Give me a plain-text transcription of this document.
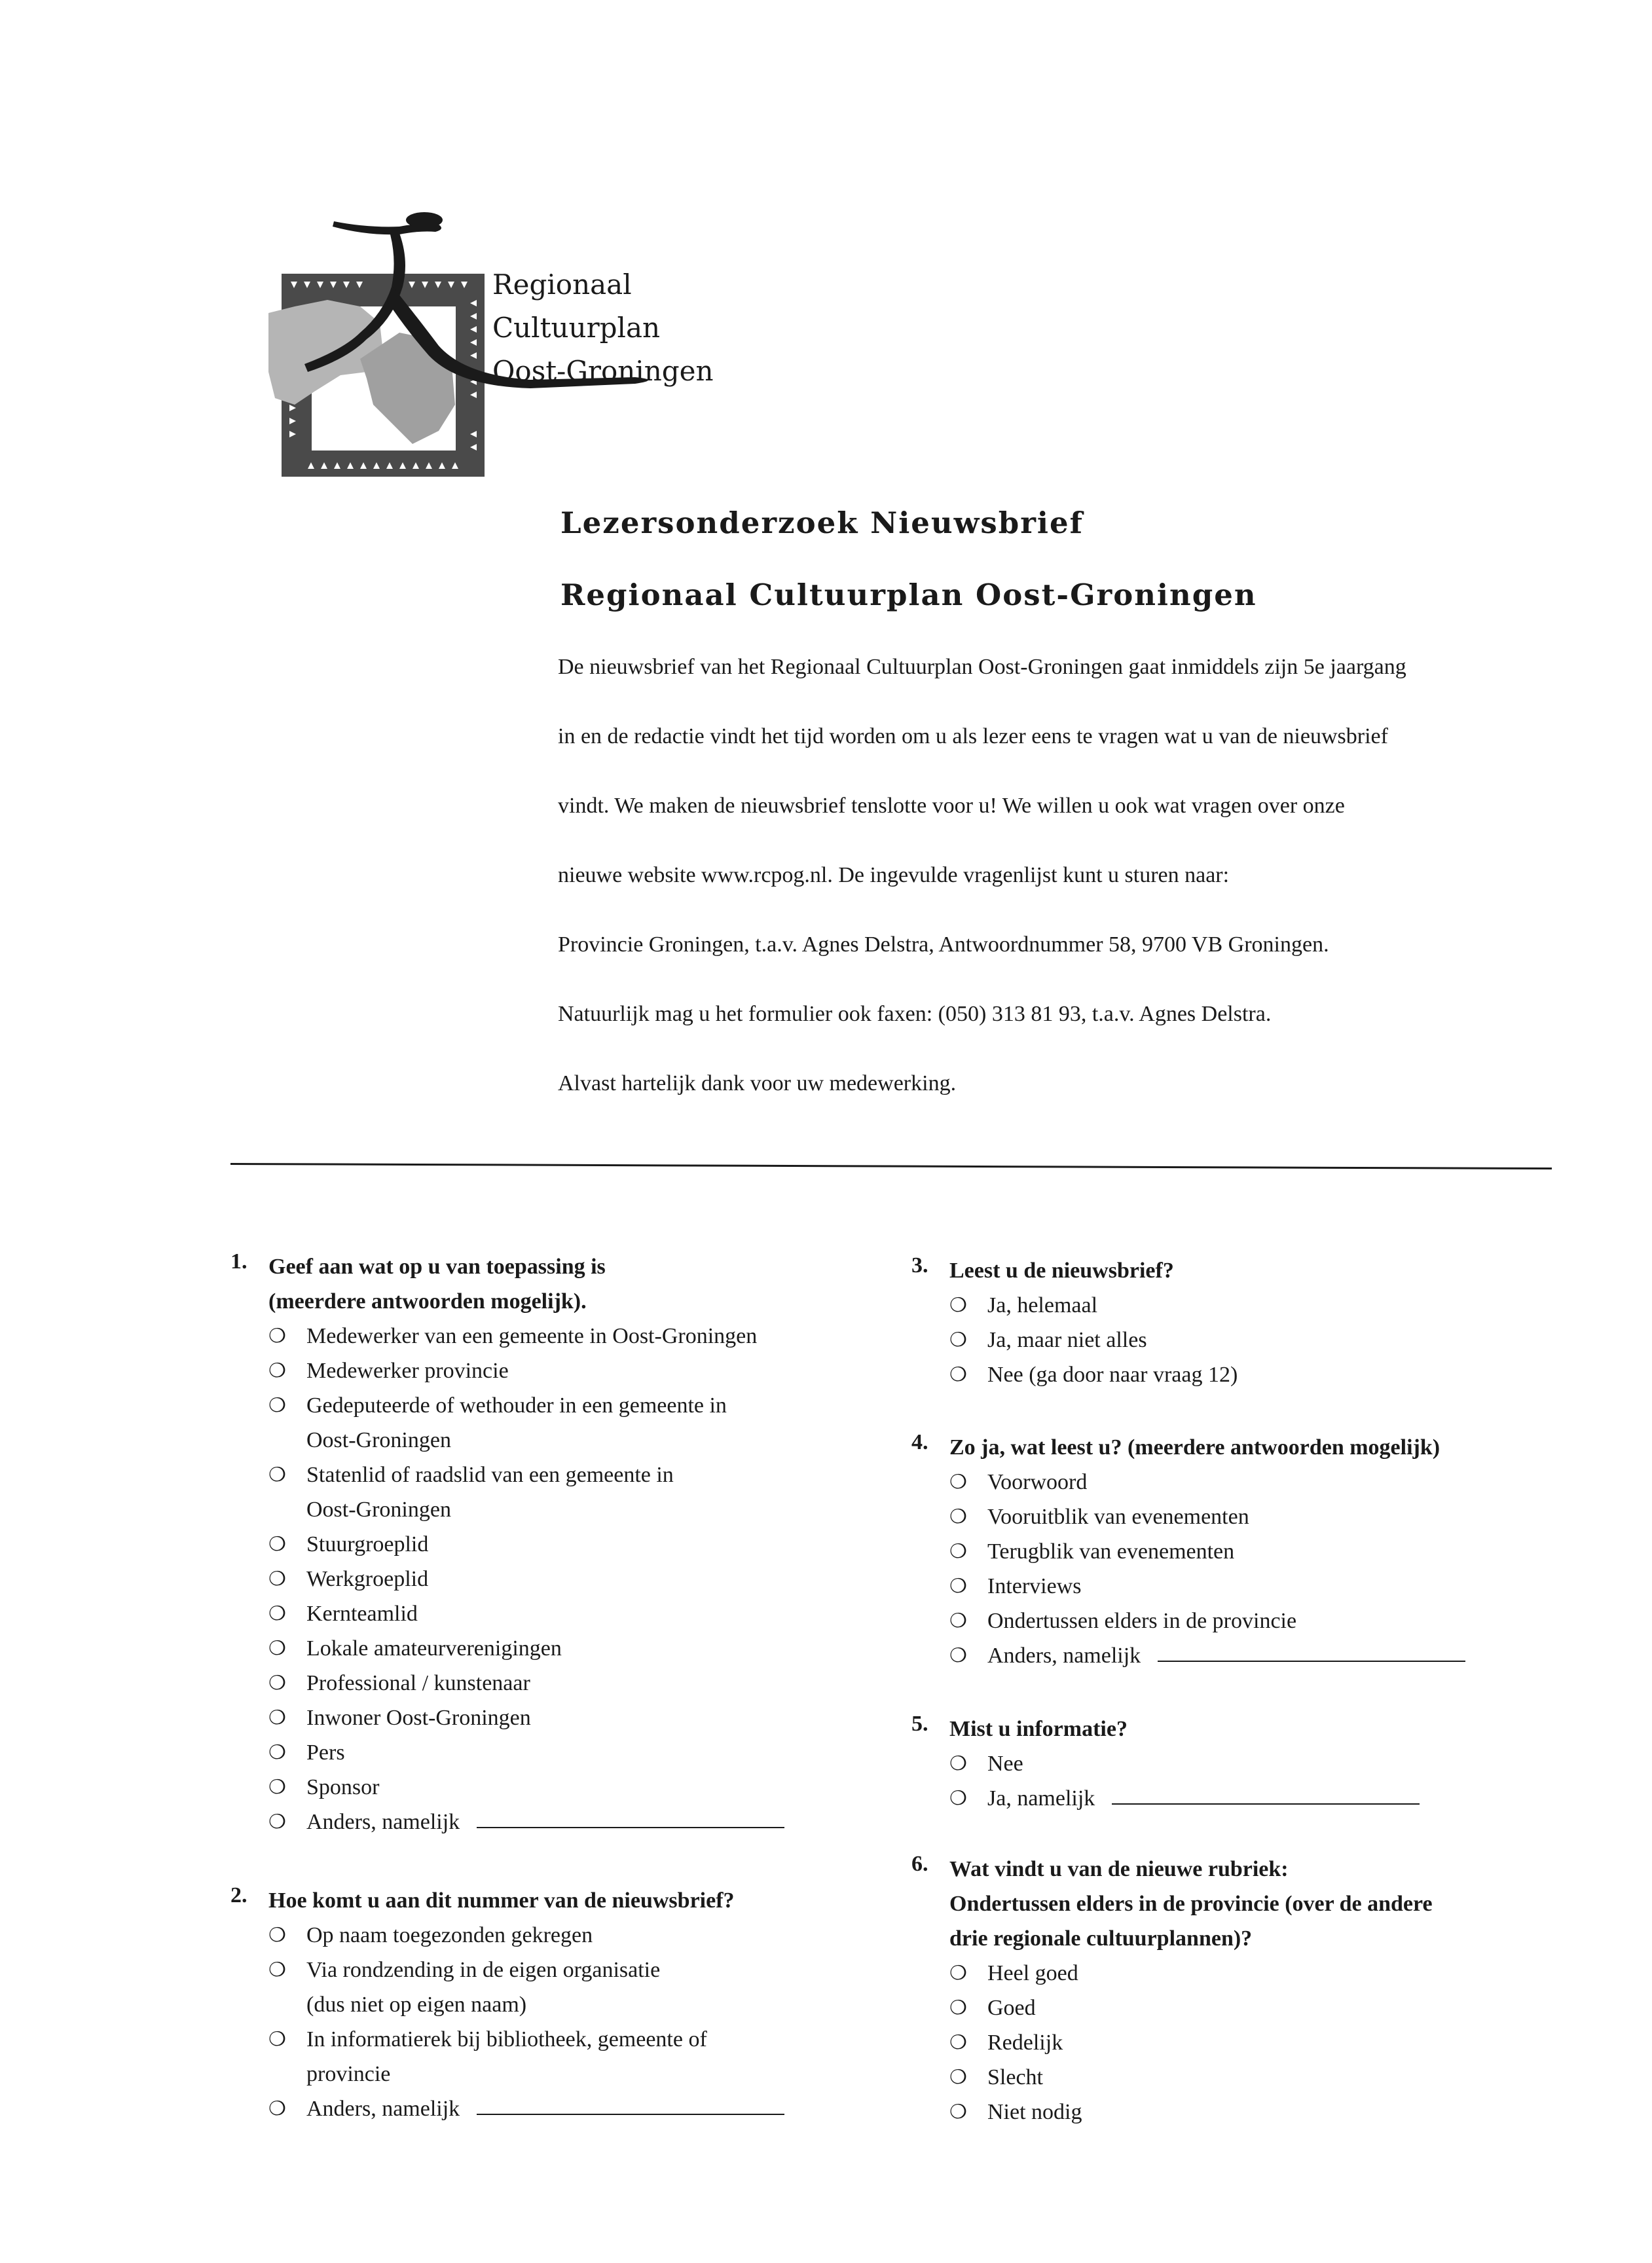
Regionaal
Cultuurplan
Oost-Groningen
Lezersonderzoek Nieuwsbrief
Regionaal Cultuurplan Oost-Groningen
De nieuwsbrief van het Regionaal Cultuurplan Oost-Groningen gaat inmiddels zijn 5e jaargang
in en de redactie vindt het tijd worden om u als lezer eens te vragen wat u van de nieuwsbrief
vindt. We maken de nieuwsbrief tenslotte voor u! We willen u ook wat vragen over onze
nieuwe website www.rcpog.nl. De ingevulde vragenlijst kunt u sturen naar:
Provincie Groningen, t.a.v. Agnes Delstra, Antwoordnummer 58, 9700 VB Groningen.
Natuurlijk mag u het formulier ook faxen: (050) 313 81 93, t.a.v. Agnes Delstra.
Alvast hartelijk dank voor uw medewerking.
1. Geef aan wat op u van toepassing is
(meerdere antwoorden mogelijk).
❍ Medewerker van een gemeente in Oost-Groningen
❍ Medewerker provincie
❍ Gedeputeerde of wethouder in een gemeente in
Oost-Groningen
❍ Statenlid of raadslid van een gemeente in
Oost-Groningen
❍ Stuurgroeplid
❍ Werkgroeplid
❍ Kernteamlid
❍ Lokale amateurverenigingen
❍ Professional / kunstenaar
❍ Inwoner Oost-Groningen
❍ Pers
❍ Sponsor
❍ Anders, namelijk
2. Hoe komt u aan dit nummer van de nieuwsbrief?
❍ Op naam toegezonden gekregen
❍ Via rondzending in de eigen organisatie
(dus niet op eigen naam)
❍ In informatierek bij bibliotheek, gemeente of
provincie
❍ Anders, namelijk
3. Leest u de nieuwsbrief?
❍ Ja, helemaal
❍ Ja, maar niet alles
❍ Nee (ga door naar vraag 12)
4. Zo ja, wat leest u? (meerdere antwoorden mogelijk)
❍ Voorwoord
❍ Vooruitblik van evenementen
❍ Terugblik van evenementen
❍ Interviews
❍ Ondertussen elders in de provincie
❍ Anders, namelijk
5. Mist u informatie?
❍ Nee
❍ Ja, namelijk
6. Wat vindt u van de nieuwe rubriek:
Ondertussen elders in de provincie (over de andere
drie regionale cultuurplannen)?
❍ Heel goed
❍ Goed
❍ Redelijk
❍ Slecht
❍ Niet nodig
